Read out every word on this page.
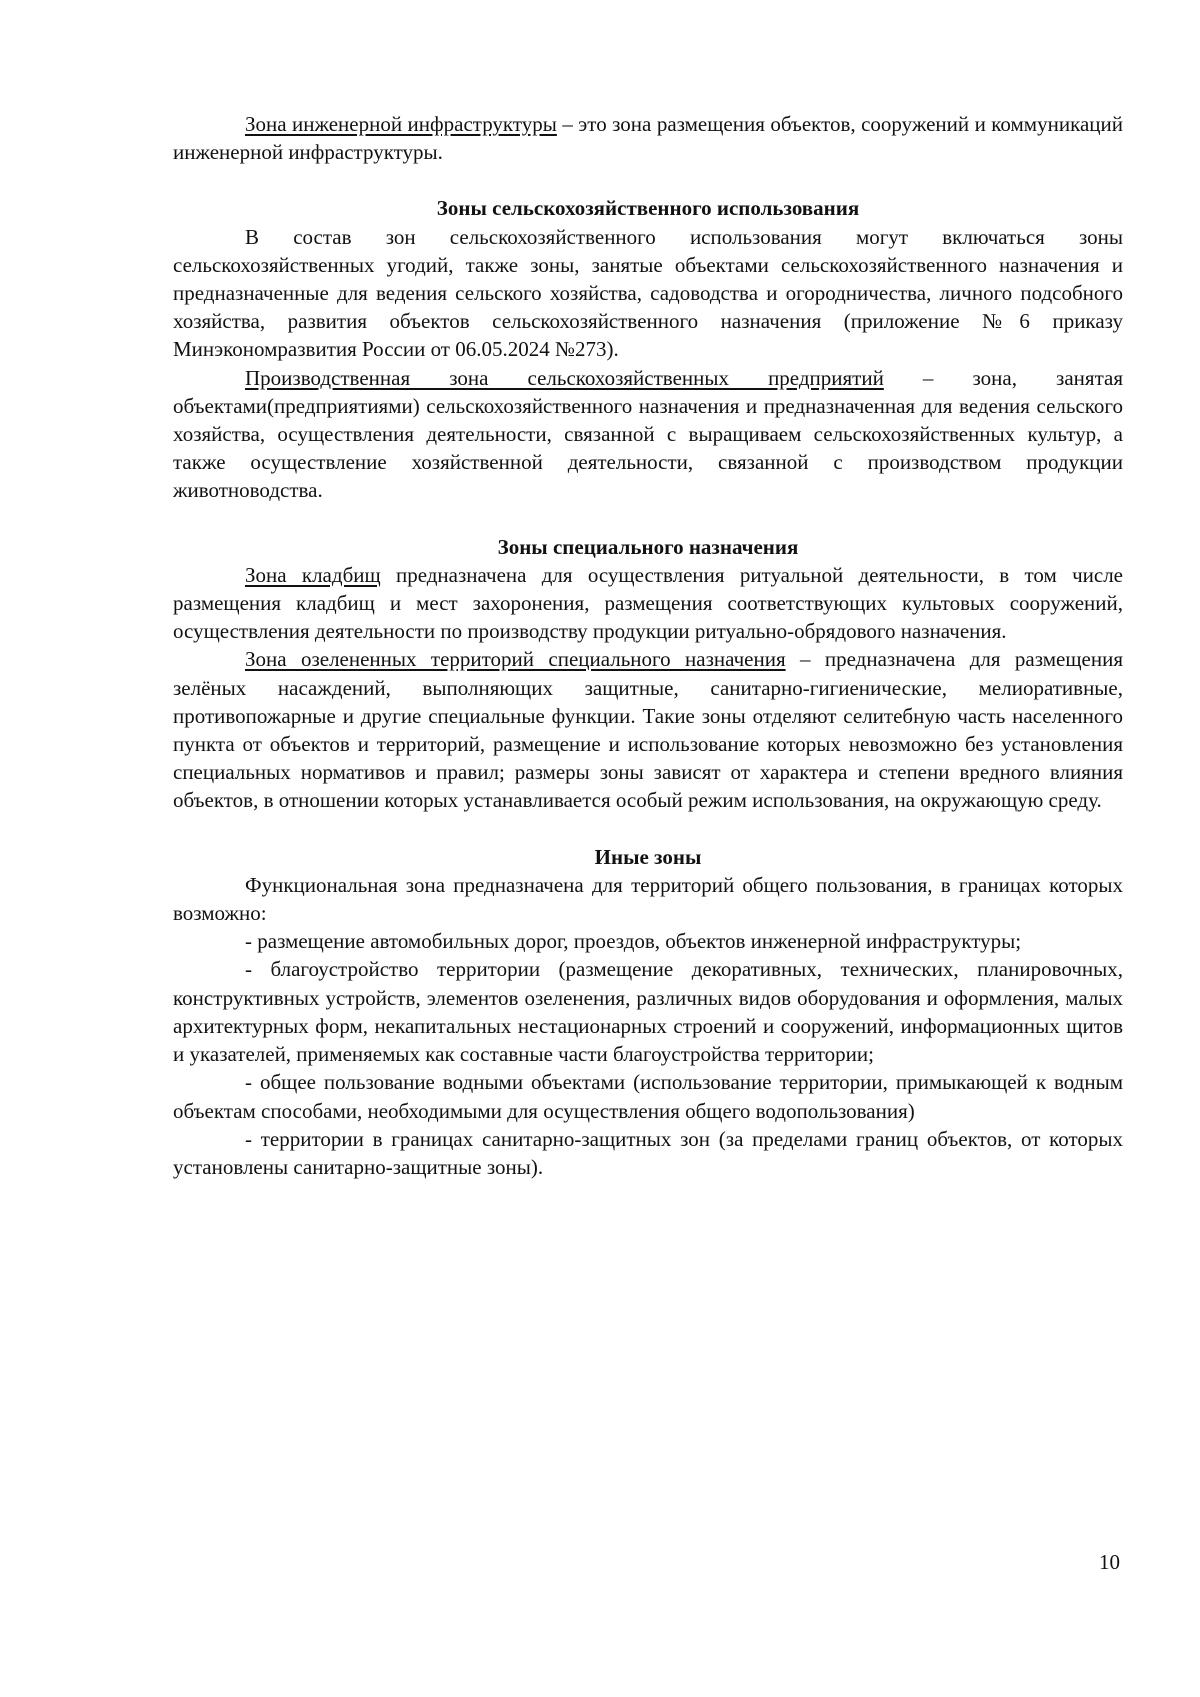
Зона инженерной инфраструктуры – это зона размещения объектов, сооружений и коммуникаций инженерной инфраструктуры.

Зоны сельскохозяйственного использования

В состав зон сельскохозяйственного использования могут включаться зоны сельскохозяйственных угодий, также зоны, занятые объектами сельскохозяйственного назначения и предназначенные для ведения сельского хозяйства, садоводства и огородничества, личного подсобного хозяйства, развития объектов сельскохозяйственного назначения (приложение №6 приказу Минэкономразвития России от 06.05.2024 №273).

Производственная зона сельскохозяйственных предприятий – зона, занятая объектами(предприятиями) сельскохозяйственного назначения и предназначенная для ведения сельского хозяйства, осуществления деятельности, связанной с выращиваем сельскохозяйственных культур, а также осуществление хозяйственной деятельности, связанной с производством продукции животноводства.

Зоны специального назначения

Зона кладбищ предназначена для осуществления ритуальной деятельности, в том числе размещения кладбищ и мест захоронения, размещения соответствующих культовых сооружений, осуществления деятельности по производству продукции ритуально-обрядового назначения.

Зона озелененных территорий специального назначения – предназначена для размещения зелёных насаждений, выполняющих защитные, санитарно-гигиенические, мелиоративные, противопожарные и другие специальные функции. Такие зоны отделяют селитебную часть населенного пункта от объектов и территорий, размещение и использование которых невозможно без установления специальных нормативов и правил; размеры зоны зависят от характера и степени вредного влияния объектов, в отношении которых устанавливается особый режим использования, на окружающую среду.

Иные зоны

Функциональная зона предназначена для территорий общего пользования, в границах которых возможно:

- размещение автомобильных дорог, проездов, объектов инженерной инфраструктуры;

- благоустройство территории (размещение декоративных, технических, планировочных, конструктивных устройств, элементов озеленения, различных видов оборудования и оформления, малых архитектурных форм, некапитальных нестационарных строений и сооружений, информационных щитов и указателей, применяемых как составные части благоустройства территории;

- общее пользование водными объектами (использование территории, примыкающей к водным объектам способами, необходимыми для осуществления общего водопользования)

- территории в границах санитарно-защитных зон (за пределами границ объектов, от которых установлены санитарно-защитные зоны).

10
